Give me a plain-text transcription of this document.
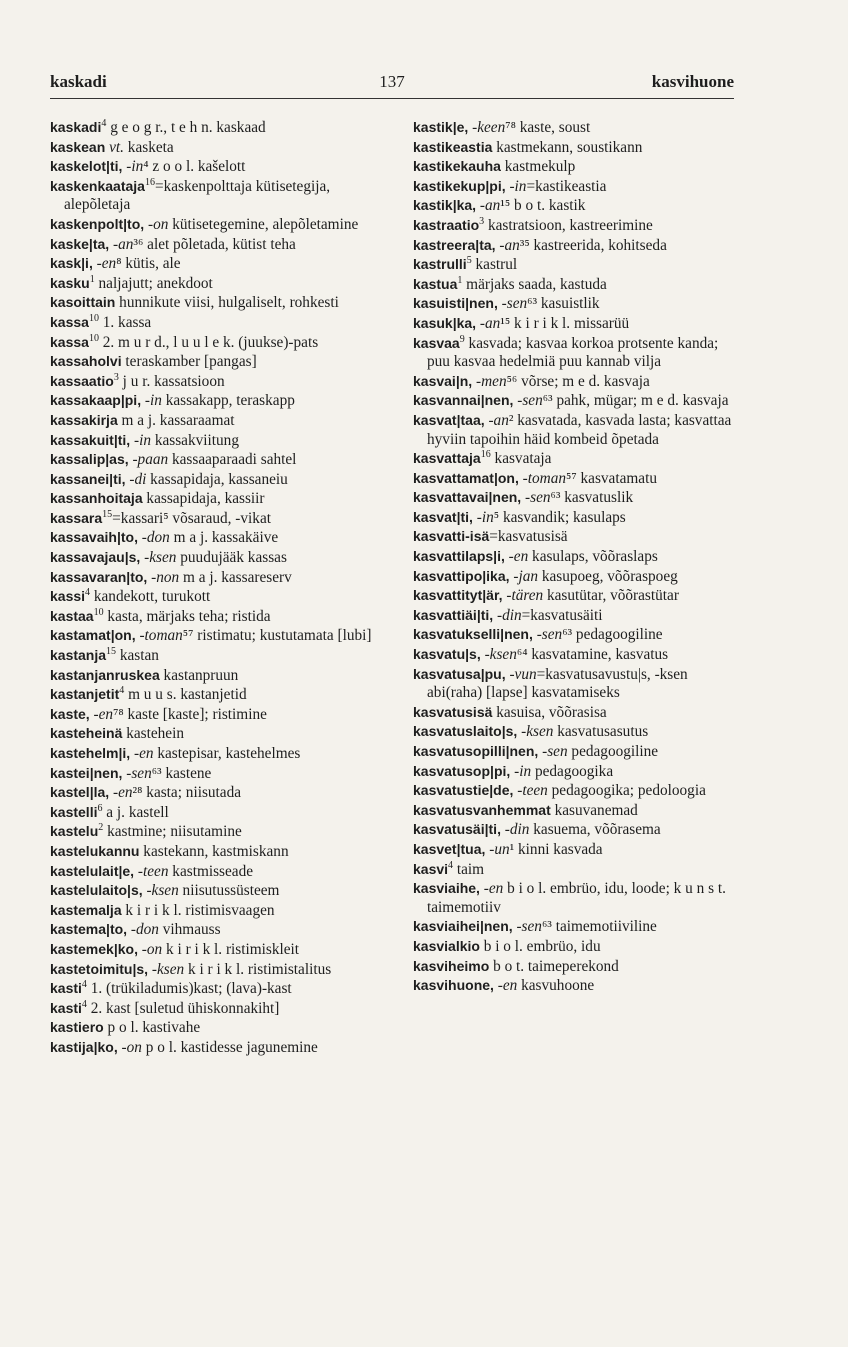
kaskadi	137	kasvihuone

kaskadi$^4$ g e o g r., t e h n. kaskaad

kaskean vt. kasketa

kaskelot|ti, -in⁴ z o o l. kašelott

kaskenkaataja$^{16}$=kaskenpolttaja kütisetegija, alepõletaja

kaskenpolt|to, -on kütisetegemine, alepõletamine

kaske|ta, -an³⁶ alet põletada, kütist teha

kask|i, -en⁸ kütis, ale

kasku$^1$ naljajutt; anekdoot

kasoittain hunnikute viisi, hulgaliselt, rohkesti

kassa$^{10}$ 1. kassa

kassa$^{10}$ 2. m u r d., l u u l e k. (juukse)-pats

kassaholvi teraskamber [pangas]

kassaatio$^3$ j u r. kassatsioon

kassakaap|pi, -in kassakapp, teraskapp

kassakirja m a j. kassaraamat

kassakuit|ti, -in kassakviitung

kassalip|as, -paan kassaaparaadi sahtel

kassanei|ti, -di kassapidaja, kassaneiu

kassanhoitaja kassapidaja, kassiir

kassara$^{15}$=kassari⁵ võsaraud, -vikat

kassavaih|to, -don m a j. kassakäive

kassavajau|s, -ksen puudujääk kassas

kassavaran|to, -non m a j. kassareserv

kassi$^4$ kandekott, turukott

kastaa$^{10}$ kasta, märjaks teha; ristida

kastamat|on, -toman⁵⁷ ristimatu; kustutamata [lubi]

kastanja$^{15}$ kastan

kastanjanruskea kastanpruun

kastanjetit$^4$ m u u s. kastanjetid

kaste, -en⁷⁸ kaste [kaste]; ristimine

kasteheinä kastehein

kastehelm|i, -en kastepisar, kastehelmes

kastei|nen, -sen⁶³ kastene

kastel|la, -en²⁸ kasta; niisutada

kastelli$^6$ a j. kastell

kastelu$^2$ kastmine; niisutamine

kastelukannu kastekann, kastmiskann

kastelulait|e, -teen kastmisseade

kastelulaito|s, -ksen niisutussüsteem

kastemalja k i r i k l. ristimisvaagen

kastema|to, -don vihmauss

kastemek|ko, -on k i r i k l. ristimiskleit

kastetoimitu|s, -ksen k i r i k l. ristimistalitus

kasti$^4$ 1. (trükiladumis)kast; (lava)-kast

kasti$^4$ 2. kast [suletud ühiskonnakiht]

kastiero p o l. kastivahe

kastija|ko, -on p o l. kastidesse jagunemine

kastik|e, -keen⁷⁸ kaste, soust

kastikeastia kastmekann, soustikann

kastikekauha kastmekulp

kastikekup|pi, -in=kastikeastia

kastik|ka, -an¹⁵ b o t. kastik

kastraatio$^3$ kastratsioon, kastreerimine

kastreera|ta, -an³⁵ kastreerida, kohitseda

kastrulli$^5$ kastrul

kastua$^1$ märjaks saada, kastuda

kasuisti|nen, -sen⁶³ kasuistlik

kasuk|ka, -an¹⁵ k i r i k l. missarüü

kasvaa$^9$ kasvada; kasvaa korkoa protsente kanda; puu kasvaa hedelmiä puu kannab vilja

kasvai|n, -men⁵⁶ võrse; m e d. kasvaja

kasvannai|nen, -sen⁶³ pahk, mügar; m e d. kasvaja

kasvat|taa, -an² kasvatada, kasvada lasta; kasvattaa hyviin tapoihin häid kombeid õpetada

kasvattaja$^{16}$ kasvataja

kasvattamat|on, -toman⁵⁷ kasvatamatu

kasvattavai|nen, -sen⁶³ kasvatuslik

kasvat|ti, -in⁵ kasvandik; kasulaps

kasvatti-isä=kasvatusisä

kasvattilaps|i, -en kasulaps, võõraslaps

kasvattipo|ika, -jan kasupoeg, võõraspoeg

kasvattityt|är, -tären kasutütar, võõrastütar

kasvattiäi|ti, -din=kasvatusäiti

kasvatukselli|nen, -sen⁶³ pedagoogiline

kasvatu|s, -ksen⁶⁴ kasvatamine, kasvatus

kasvatusa|pu, -vun=kasvatusavustu|s, -ksen abi(raha) [lapse] kasvatamiseks

kasvatusisä kasuisa, võõrasisa

kasvatuslaito|s, -ksen kasvatusasutus

kasvatusopilli|nen, -sen pedagoogiline

kasvatusop|pi, -in pedagoogika

kasvatustie|de, -teen pedagoogika; pedoloogia

kasvatusvanhemmat kasuvanemad

kasvatusäi|ti, -din kasuema, võõrasema

kasvet|tua, -un¹ kinni kasvada

kasvi$^4$ taim

kasviaihe, -en b i o l. embrüo, idu, loode; k u n s t. taimemotiiv

kasviaihei|nen, -sen⁶³ taimemotiiviline

kasvialkio b i o l. embrüo, idu

kasviheimo b o t. taimeperekond

kasvihuone, -en kasvuhoone
